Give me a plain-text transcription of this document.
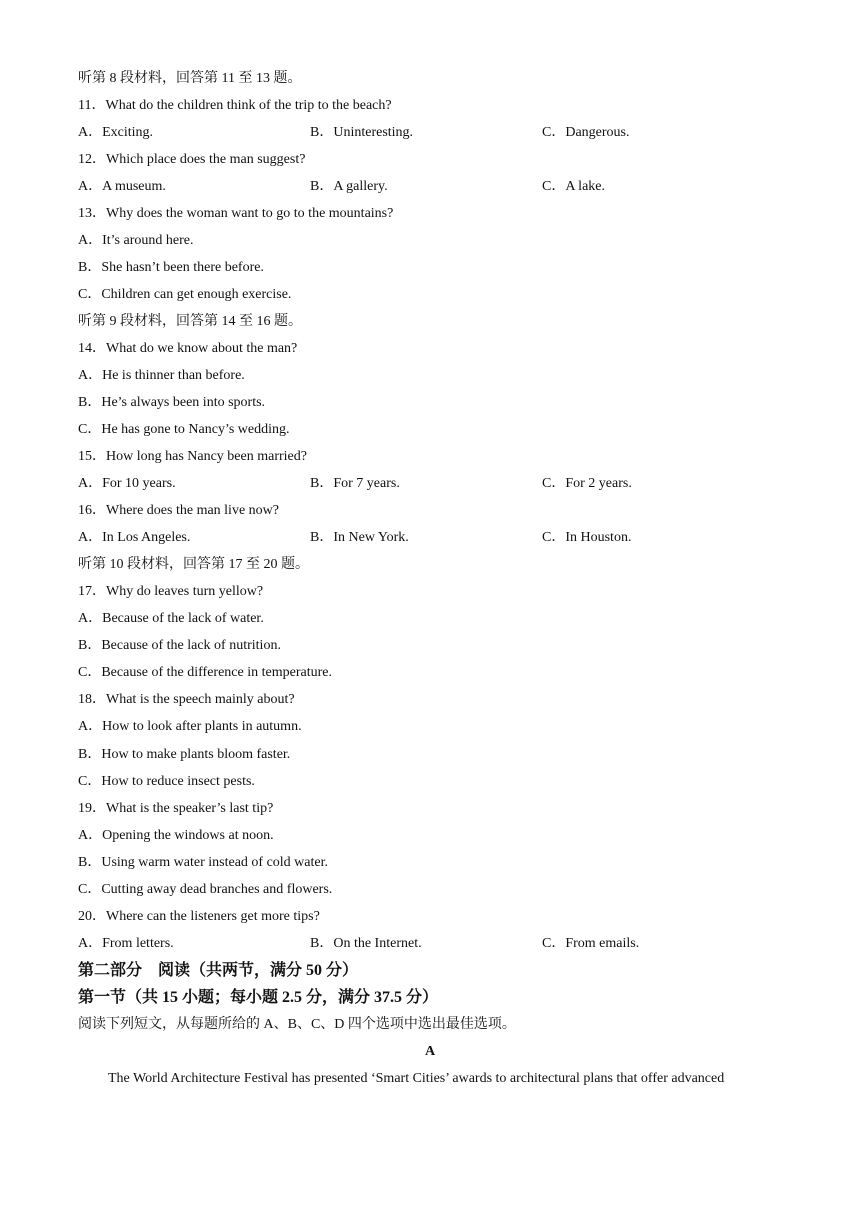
听第 8 段材料，回答第 11 至 13 题。
11．What do the children think of the trip to the beach?
A．Exciting.	B．Uninteresting.	C．Dangerous.
12．Which place does the man suggest?
A．A museum.	B．A gallery.	C．A lake.
13．Why does the woman want to go to the mountains?
A．It’s around here.
B．She hasn’t been there before.
C．Children can get enough exercise.
听第 9 段材料，回答第 14 至 16 题。
14．What do we know about the man?
A．He is thinner than before.
B．He’s always been into sports.
C．He has gone to Nancy’s wedding.
15．How long has Nancy been married?
A．For 10 years.	B．For 7 years.	C．For 2 years.
16．Where does the man live now?
A．In Los Angeles.	B．In New York.	C．In Houston.
听第 10 段材料，回答第 17 至 20 题。
17．Why do leaves turn yellow?
A．Because of the lack of water.
B．Because of the lack of nutrition.
C．Because of the difference in temperature.
18．What is the speech mainly about?
A．How to look after plants in autumn.
B．How to make plants bloom faster.
C．How to reduce insect pests.
19．What is the speaker’s last tip?
A．Opening the windows at noon.
B．Using warm water instead of cold water.
C．Cutting away dead branches and flowers.
20．Where can the listeners get more tips?
A．From letters.	B．On the Internet.	C．From emails.
第二部分　阅读（共两节，满分 50 分）
第一节（共 15 小题；每小题 2.5 分，满分 37.5 分）
阅读下列短文，从每题所给的 A、B、C、D 四个选项中选出最佳选项。
A
The World Architecture Festival has presented ‘Smart Cities’ awards to architectural plans that offer advanced
